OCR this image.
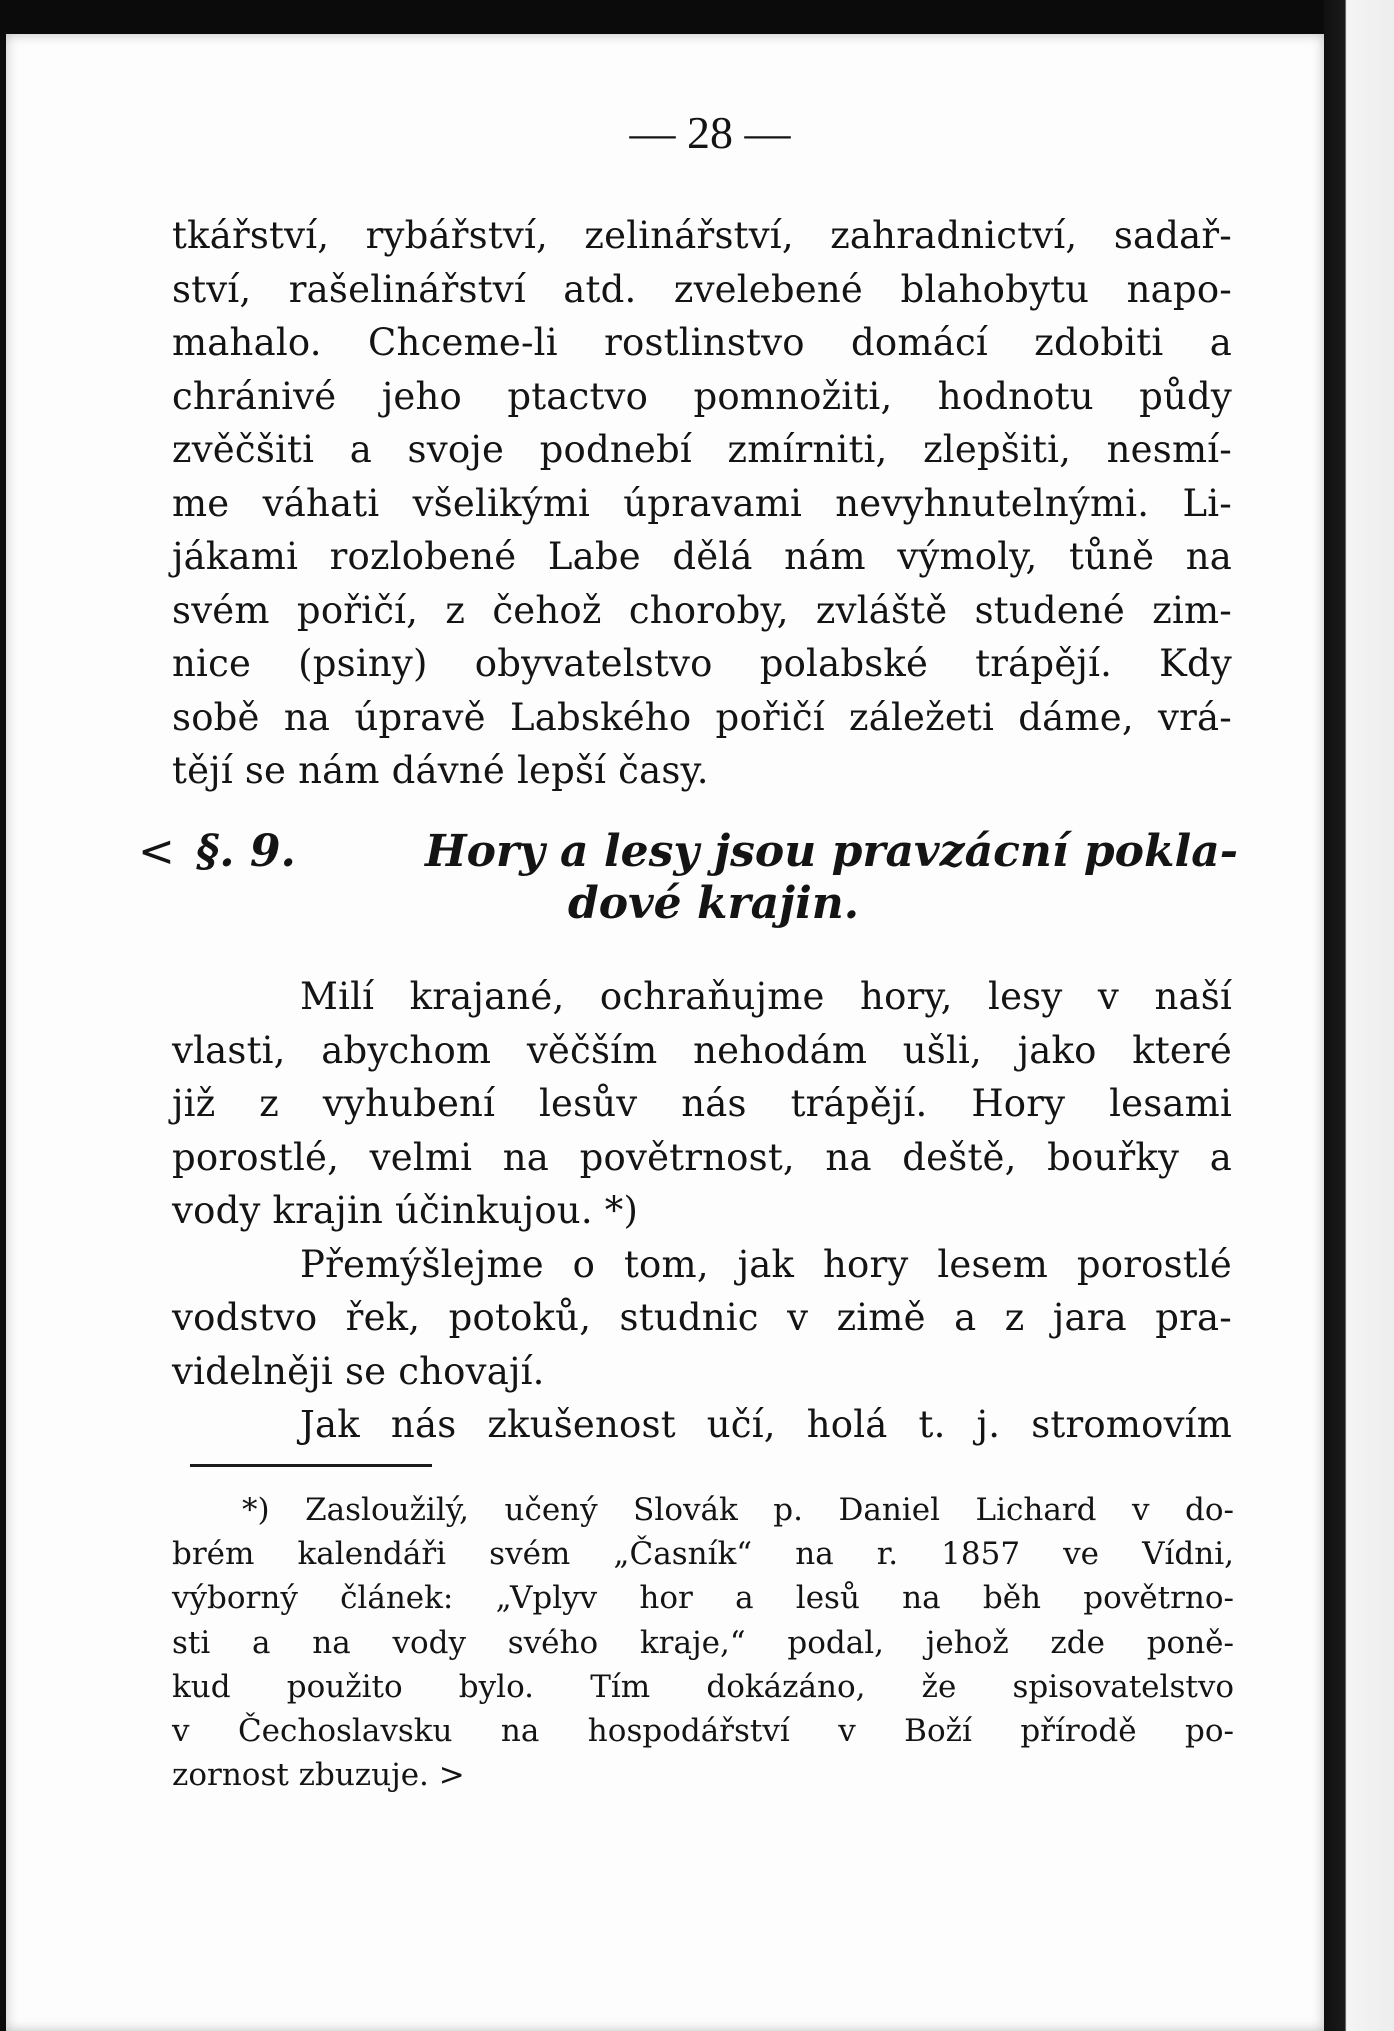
— 28 —
tkářství, rybářství, zelinářství, zahradnictví, sadař-
ství, rašelinářství atd. zvelebené blahobytu napo-
mahalo. Chceme-li rostlinstvo domácí zdobiti a
chránivé jeho ptactvo pomnožiti, hodnotu půdy
zvěčšiti a svoje podnebí zmírniti, zlepšiti, nesmí-
me váhati všelikými úpravami nevyhnutelnými. Li-
jákami rozlobené Labe dělá nám výmoly, tůně na
svém pořičí, z čehož choroby, zvláště studené zim-
nice (psiny) obyvatelstvo polabské trápějí. Kdy
sobě na úpravě Labského pořičí záležeti dáme, vrá-
tějí se nám dávné lepší časy.
< §. 9.	Hory a lesy jsou pravzácní pokla-
dové krajin.
Milí krajané, ochraňujme hory, lesy v naší
vlasti, abychom věčším nehodám ušli, jako které
již z vyhubení lesův nás trápějí. Hory lesami
porostlé, velmi na povětrnost, na deště, bouřky a
vody krajin účinkujou. *)
Přemýšlejme o tom, jak hory lesem porostlé
vodstvo řek, potoků, studnic v zimě a z jara pra-
videlněji se chovají.
Jak nás zkušenost učí, holá t. j. stromovím
*) Zasloužilý, učený Slovák p. Daniel Lichard v do-
brém kalendáři svém „Časník“ na r. 1857 ve Vídni,
výborný článek: „Vplyv hor a lesů na běh povětrno-
sti a na vody svého kraje,“ podal, jehož zde poně-
kud použito bylo. Tím dokázáno, že spisovatelstvo
v Čechoslavsku na hospodářství v Boží přírodě po-
zornost zbuzuje. >
